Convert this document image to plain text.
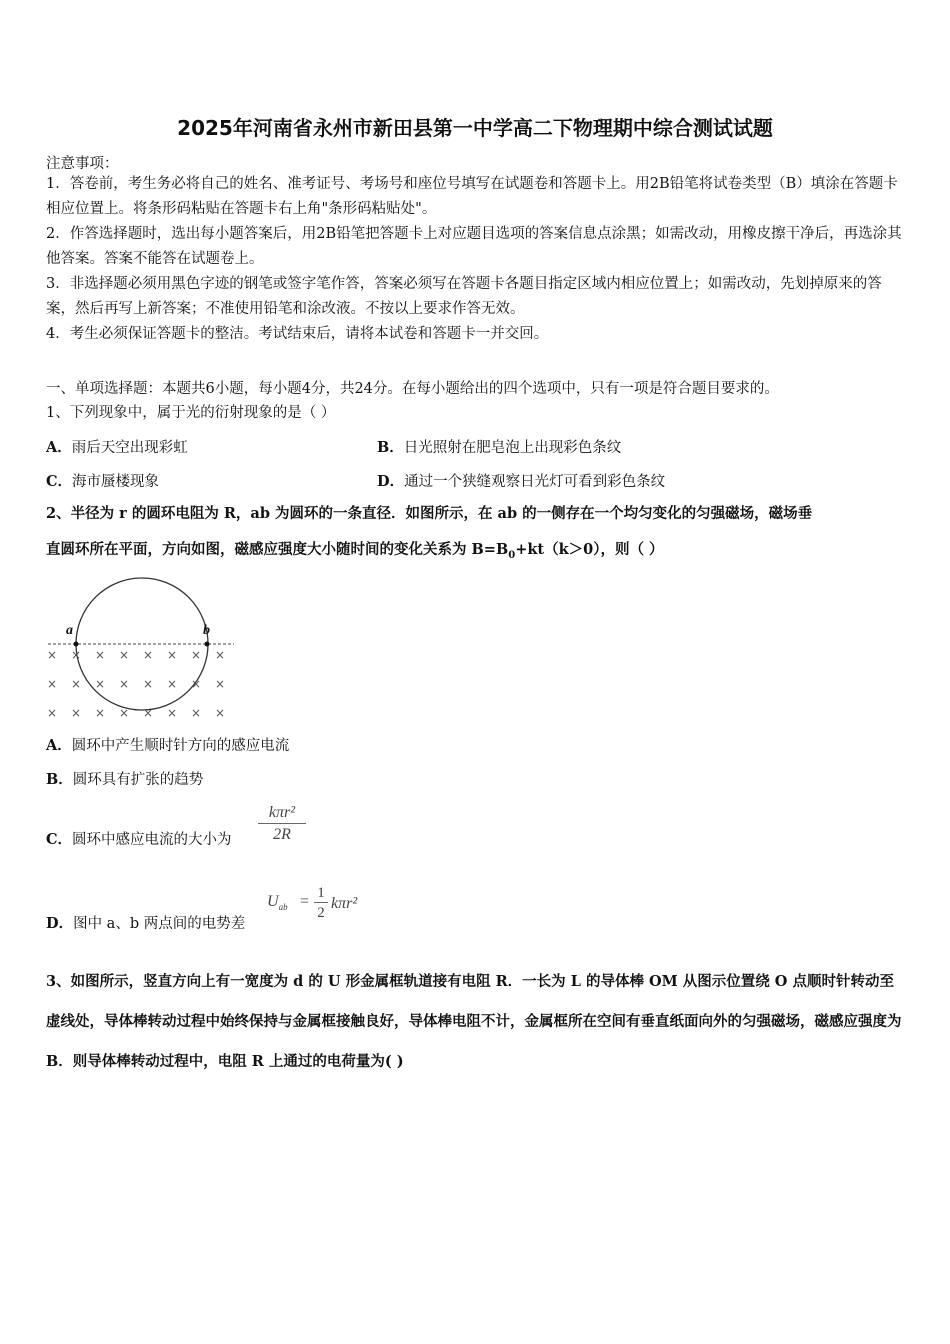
2025年河南省永州市新田县第一中学高二下物理期中综合测试试题
注意事项：
1．答卷前，考生务必将自己的姓名、准考证号、考场号和座位号填写在试题卷和答题卡上。用2B铅笔将试卷类型（B）填涂在答题卡相应位置上。将条形码粘贴在答题卡右上角"条形码粘贴处"。
2．作答选择题时，选出每小题答案后，用2B铅笔把答题卡上对应题目选项的答案信息点涂黑；如需改动，用橡皮擦干净后，再选涂其他答案。答案不能答在试题卷上。
3．非选择题必须用黑色字迹的钢笔或签字笔作答，答案必须写在答题卡各题目指定区域内相应位置上；如需改动，先划掉原来的答案，然后再写上新答案；不准使用铅笔和涂改液。不按以上要求作答无效。
4．考生必须保证答题卡的整洁。考试结束后，请将本试卷和答题卡一并交回。
一、单项选择题：本题共6小题，每小题4分，共24分。在每小题给出的四个选项中，只有一项是符合题目要求的。
1、下列现象中，属于光的衍射现象的是（ ）
A．雨后天空出现彩虹	B．日光照射在肥皂泡上出现彩色条纹
C．海市蜃楼现象	D．通过一个狭缝观察日光灯可看到彩色条纹
2、半径为 r 的圆环电阻为 R，ab 为圆环的一条直径．如图所示，在 ab 的一侧存在一个均匀变化的匀强磁场，磁场垂
直圆环所在平面，方向如图，磁感应强度大小随时间的变化关系为 $B=B_0+kt(k>0)$，则（ ）
a	b
× × × × × × × ×
× × × × × × × ×
× × × × × × × ×
A．圆环中产生顺时针方向的感应电流
B．圆环具有扩张的趋势
C．圆环中感应电流的大小为
kπr²
2R
D．图中 a、b 两点间的电势差
$U_{ab} = \frac{1}{2} k\pi r^2$
3、如图所示，竖直方向上有一宽度为 d 的 U 形金属框轨道接有电阻 R．一长为 L 的导体棒 OM 从图示位置绕 O 点顺时针转动至虚线处，导体棒转动过程中始终保持与金属框接触良好，导体棒电阻不计，金属框所在空间有垂直纸面向外的匀强磁场，磁感应强度为 B．则导体棒转动过程中，电阻 R 上通过的电荷量为( )
